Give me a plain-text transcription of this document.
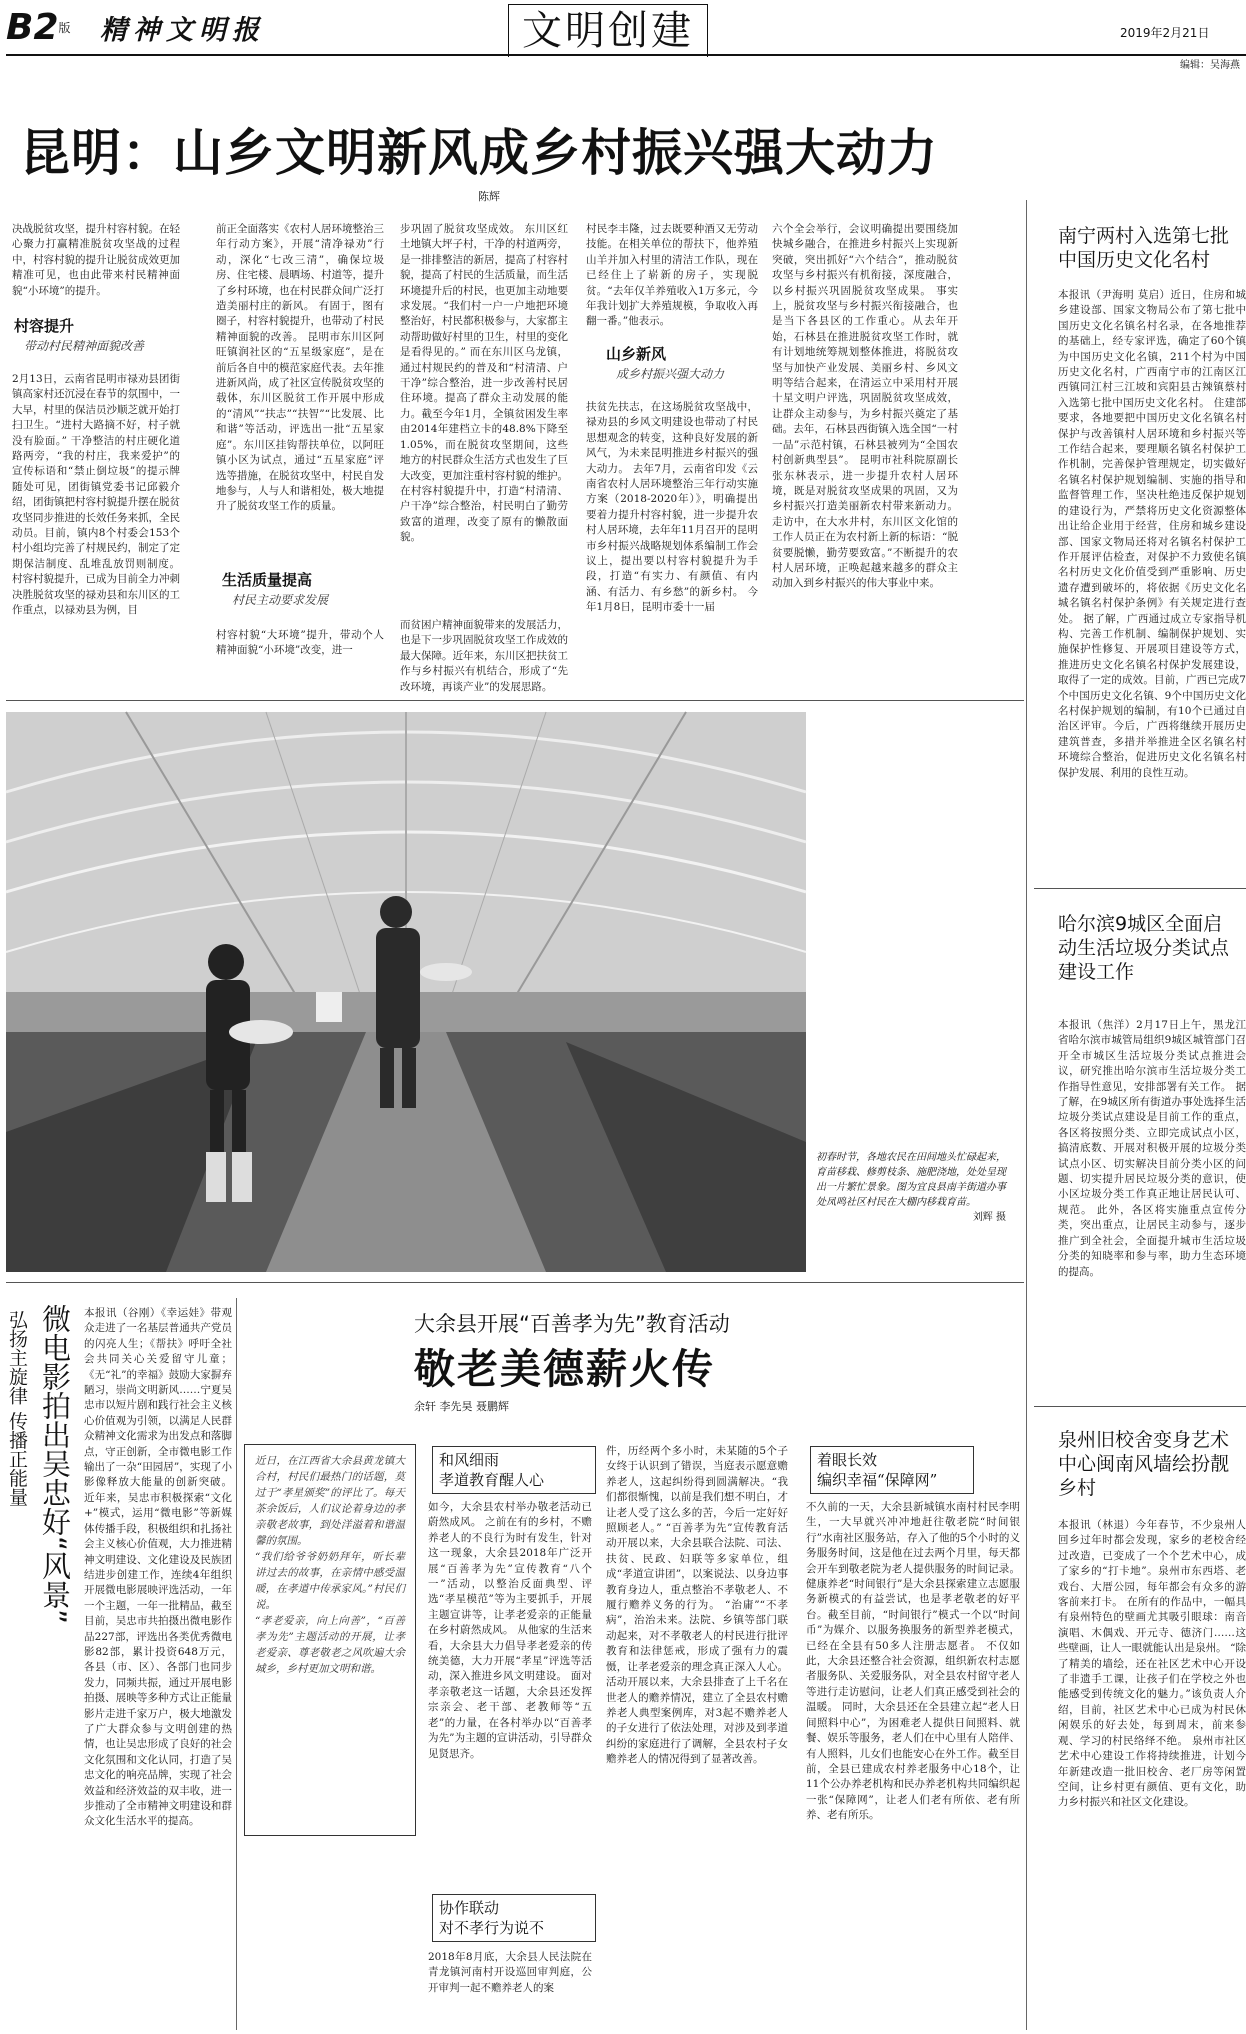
B2版 精神文明报	文明创建	2019年2月21日
编辑：吴海燕
昆明：山乡文明新风成乡村振兴强大动力
陈辉
决战脱贫攻坚，提升村容村貌。在轻心聚力打赢精准脱贫攻坚战的过程中，村容村貌的提升让脱贫成效更加精准可见，也由此带来村民精神面貌“小环境”的提升。
村容提升
带动村民精神面貌改善
2月13日，云南省昆明市禄劝县团街镇高家村还沉浸在春节的氛围中，一大早，村里的保洁员沙顺芝就开始打扫卫生。“进村大路摘不好，村子就没有脸面。” 干净整洁的村庄硬化道路两旁，“我的村庄，我来爱护”的宣传标语和“禁止倒垃圾”的提示牌随处可见，团街镇党委书记邱毅介绍，团街镇把村容村貌提升摆在脱贫攻坚同步推进的长效任务来抓，全民动员。目前，镇内8个村委会153个村小组均完善了村规民约，制定了定期保洁制度、乱堆乱放罚则制度。 村容村貌提升，已成为目前全力冲刺决胜脱贫攻坚的禄劝县和东川区的工作重点，以禄劝县为例，目
前正全面落实《农村人居环境整治三年行动方案》，开展“清净禄劝”行动，深化“七改三清”，确保垃圾房、住宅楼、晨晒场、村道等，提升了乡村环境，也在村民群众间广泛打造美丽村庄的新风。 有固于，图有圈子，村容村貌提升，也带动了村民精神面貌的改善。 昆明市东川区阿旺镇润社区的“五星级家庭”，是在前后各自中的模范家庭代表。去年推进新风尚，成了社区宣传脱贫攻坚的载体，东川区脱贫工作开展中形成的“清风”“扶志”“扶智”“比发展、比和谐”等活动，评选出一批“五星家庭”。东川区挂钩帮扶单位，以阿旺镇小区为试点，通过“五星家庭”评选等措施，在脱贫攻坚中，村民自发地参与，人与人和谐相处，极大地提升了脱贫攻坚工作的质量。
生活质量提高
村民主动要求发展
村容村貌“大环境”提升，带动个人精神面貌“小环境”改变，进一
步巩固了脱贫攻坚成效。 东川区红土地镇大坪子村，干净的村道两旁，是一排排整洁的新居，提高了村容村貌，提高了村民的生活质量，而生活环境提升后的村民，也更加主动地要求发展。“我们村一户一户地把环境整治好，村民都积极参与，大家都主动帮助做好村里的卫生，村里的变化是看得见的。” 而在东川区乌龙镇，通过村规民约的普及和“村清清、户干净”综合整治，进一步改善村民居住环境。提高了群众主动发展的能力。截至今年1月，全镇贫困发生率由2014年建档立卡的48.8%下降至1.05%，而在脱贫攻坚期间，这些地方的村民群众生活方式也发生了巨大改变，更加注重村容村貌的维护。 在村容村貌提升中，打造“村清清、户干净”综合整治，村民明白了勤劳致富的道理，改变了原有的懒散面貌。
而贫困户精神面貌带来的发展活力，也是下一步巩固脱贫攻坚工作成效的最大保障。近年来，东川区把扶贫工作与乡村振兴有机结合，形成了“先改环境，再谈产业”的发展思路。
村民李丰隆，过去既要种酒又无劳动技能。在相关单位的帮扶下，他养殖山羊并加入村里的清洁工作队，现在已经住上了崭新的房子，实现脱贫。“去年仅羊养殖收入1万多元，今年我计划扩大养殖规模，争取收入再翻一番。”他表示。
山乡新风
成乡村振兴强大动力
扶贫先扶志，在这场脱贫攻坚战中，禄劝县的乡风文明建设也带动了村民思想观念的转变，这种良好发展的新风气，为未来昆明推进乡村振兴的强大动力。 去年7月，云南省印发《云南省农村人居环境整治三年行动实施方案（2018-2020年）》，明确提出要着力提升村容村貌，进一步提升农村人居环境，去年年11月召开的昆明市乡村振兴战略规划体系编制工作会议上，提出要以村容村貌提升为手段，打造“有实力、有颜值、有内涵、有活力、有乡愁”的新乡村。 今年1月8日，昆明市委十一届
六个全会举行，会议明确提出要围绕加快城乡融合，在推进乡村振兴上实现新突破，突出抓好“六个结合”，推动脱贫攻坚与乡村振兴有机衔接，深度融合，以乡村振兴巩固脱贫攻坚成果。 事实上，脱贫攻坚与乡村振兴衔接融合，也是当下各县区的工作重心。从去年开始，石林县在推进脱贫攻坚工作时，就有计划地统筹规划整体推进，将脱贫攻坚与加快产业发展、美丽乡村、乡风文明等结合起来，在清运立中采用村开展十星文明户评选，巩固脱贫攻坚成效，让群众主动参与，为乡村振兴奠定了基础。去年，石林县西街镇入选全国“一村一品”示范村镇，石林县被列为“全国农村创新典型县”。 昆明市社科院原副长张东林表示，进一步提升农村人居环境，既是对脱贫攻坚成果的巩固，又为乡村振兴打造美丽新农村带来新动力。 走访中，在大水井村，东川区文化馆的工作人员正在为农村新上新的标语：“脱贫要脱懒，勤劳要致富。”不断提升的农村人居环境，正唤起越来越多的群众主动加入到乡村振兴的伟大事业中来。
初春时节，各地农民在田间地头忙碌起来，育苗移栽、修剪枝条、施肥浇地，处处呈现出一片繁忙景象。图为宜良县南羊街道办事处凤鸣社区村民在大棚内移栽育苗。
刘辉 摄
南宁两村入选第七批中国历史文化名村
本报讯（尹海明 莫启）近日，住房和城乡建设部、国家文物局公布了第七批中国历史文化名镇名村名录，在各地推荐的基础上，经专家评选，确定了60个镇为中国历史文化名镇，211个村为中国历史文化名村，广西南宁市的江南区江西镇同江村三江坡和宾阳县古辣镇蔡村入选第七批中国历史文化名村。 住建部要求，各地要把中国历史文化名镇名村保护与改善镇村人居环境和乡村振兴等工作结合起来，要理顺名镇名村保护工作机制，完善保护管理规定，切实做好名镇名村保护规划编制、实施的指导和监督管理工作，坚决杜绝违反保护规划的建设行为，严禁将历史文化资源整体出让给企业用于经营，住房和城乡建设部、国家文物局还将对名镇名村保护工作开展评估检查，对保护不力致使名镇名村历史文化价值受到严重影响、历史遗存遭到破坏的，将依据《历史文化名城名镇名村保护条例》有关规定进行查处。 据了解，广西通过成立专家指导机构、完善工作机制、编制保护规划、实施保护性修复、开展项目建设等方式，推进历史文化名镇名村保护发展建设，取得了一定的成效。目前，广西已完成7个中国历史文化名镇、9个中国历史文化名村保护规划的编制，有10个已通过自治区评审。今后，广西将继续开展历史建筑普查，多措并举推进全区名镇名村环境综合整治，促进历史文化名镇名村保护发展、利用的良性互动。
哈尔滨9城区全面启动生活垃圾分类试点建设工作
本报讯（焦洋）2月17日上午，黑龙江省哈尔滨市城管局组织9城区城管部门召开全市城区生活垃圾分类试点推进会议，研究推出哈尔滨市生活垃圾分类工作指导性意见，安排部署有关工作。 据了解，在9城区所有街道办事处选择生活垃圾分类试点建设是目前工作的重点，各区将按照分类、立即完成试点小区，搞清底数、开展对积极开展的垃圾分类试点小区、切实解决目前分类小区的问题、切实提升居民垃圾分类的意识，使小区垃圾分类工作真正地让居民认可、规范。 此外，各区将实施重点宣传分类，突出重点，让居民主动参与，逐步推广到全社会，全面提升城市生活垃圾分类的知晓率和参与率，助力生态环境的提高。
泉州旧校舍变身艺术中心闽南风墙绘扮靓乡村
本报讯（林退）今年春节，不少泉州人回乡过年时都会发现，家乡的老校舍经过改造，已变成了一个个艺术中心，成了家乡的“打卡地”。泉州市东西塔、老戏台、大厝公园，每年都会有众多的游客前来打卡。 在所有的作品中，一幅具有泉州特色的壁画尤其吸引眼球：南音演唱、木偶戏、开元寺、德济门……这些壁画，让人一眼就能认出是泉州。 “除了精美的墙绘，还在社区艺术中心开设了非遗手工课，让孩子们在学校之外也能感受到传统文化的魅力。”该负责人介绍，目前，社区艺术中心已成为村民休闲娱乐的好去处，每到周末，前来参观、学习的村民络绎不绝。 泉州市社区艺术中心建设工作将持续推进，计划今年新建改造一批旧校舍、老厂房等闲置空间，让乡村更有颜值、更有文化，助力乡村振兴和社区文化建设。
弘扬主旋律 传播正能量 微电影拍出吴忠好“风景” 本报讯（谷刚）《幸运娃》带观众走进了一名基层普通共产党员的闪亮人生；《帮扶》呼吁全社会共同关心关爱留守儿童；《无“礼”的幸福》鼓励大家摒弃陋习，崇尚文明新风……宁夏吴忠市以短片剧和践行社会主义核心价值观为引领，以满足人民群众精神文化需求为出发点和落脚点，守正创新，全市微电影工作输出了一杂“田园居”，实现了小影像释放大能量的创新突破。 近年来，吴忠市积极探索“文化+”模式，运用“微电影”等新媒体传播手段，积极组织和扎扬社会主义核心价值观，大力推进精神文明建设、文化建设及民族团结进步创建工作，连续4年组织开展微电影展映评选活动，一年一个主题，一年一批精品，截至目前，吴忠市共拍摄出微电影作品227部，评选出各类优秀微电影82部，累计投资648万元，各县（市、区）、各部门也同步发力，同频共振，通过开展电影拍摄、展映等多种方式让正能量影片走进千家万户，极大地激发了广大群众参与文明创建的热情，也让吴忠形成了良好的社会文化氛围和文化认同，打造了吴忠文化的响亮品牌，实现了社会效益和经济效益的双丰收，进一步推动了全市精神文明建设和群众文化生活水平的提高。
近日，在江西省大余县黄龙镇大合村，村民们最热门的话题，莫过于“孝星颁奖”的评比了。每天茶余饭后，人们议论着身边的孝亲敬老故事，到处洋溢着和谐温馨的氛围。
“我们给爷爷奶奶拜年，听长辈讲过去的故事，在亲情中感受温暖，在孝道中传承家风。”村民们说。
“孝老爱亲，向上向善”，“百善孝为先”主题活动的开展，让孝老爱亲、尊老敬老之风吹遍大余城乡，乡村更加文明和谐。
大余县开展“百善孝为先”教育活动
敬老美德薪火传
余轩 李先昊 聂鹏辉
和风细雨
孝道教育醒人心
如今，大余县农村举办敬老活动已蔚然成风。 之前在有的乡村，不赡养老人的不良行为时有发生，针对这一现象，大余县2018年广泛开展“百善孝为先”宣传教育“八个一”活动，以整治反面典型、评选“孝星模范”等为主要抓手，开展主题宣讲等，让孝老爱亲的正能量在乡村蔚然成风。 从他家的生活来看，大余县大力倡导孝老爱亲的传统美德，大力开展“孝星”评选等活动，深入推进乡风文明建设。 面对孝亲敬老这一话题，大余县还发挥宗亲会、老干部、老教师等“五老”的力量，在各村举办以“百善孝为先”为主题的宣讲活动，引导群众见贤思齐。
协作联动
对不孝行为说不
2018年8月底，大余县人民法院在青龙镇河南村开设巡回审判庭，公开审判一起不赡养老人的案
件，历经两个多小时，未某随的5个子女终于认识到了错误，当庭表示愿意赡养老人，这起纠纷得到圆满解决。“我们都很惭愧，以前是我们想不明白，才让老人受了这么多的苦，今后一定好好照顾老人。” “百善孝为先”宣传教育活动开展以来，大余县联合法院、司法、扶贫、民政、妇联等多家单位，组成“孝道宣讲团”，以案说法、以身边事教育身边人，重点整治不孝敬老人、不履行赡养义务的行为。 “治庸”“不孝病”，治治未来。法院、乡镇等部门联动起来，对不孝敬老人的村民进行批评教育和法律惩戒，形成了强有力的震慑，让孝老爱亲的理念真正深入人心。 活动开展以来，大余县排查了上千名在世老人的赡养情况，建立了全县农村赡养老人典型案例库，对3起不赡养老人的子女进行了依法处理，对涉及到孝道纠纷的家庭进行了调解，全县农村子女赡养老人的情况得到了显著改善。
着眼长效
编织幸福“保障网”
不久前的一天，大余县新城镇水南村村民李明生，一大早就兴冲冲地赶往敬老院“时间银行”水南社区服务站，存入了他的5个小时的义务服务时间，这是他在过去两个月里，每天都会开车到敬老院为老人提供服务的时间记录。 健康养老“时间银行”是大余县探索建立志愿服务新模式的有益尝试，也是孝老敬老的好平台。截至目前，“时间银行”模式一个以“时间币”为媒介、以服务换服务的新型养老模式，已经在全县有50多人注册志愿者。 不仅如此，大余县还整合社会资源，组织新农村志愿者服务队、关爱服务队，对全县农村留守老人等进行走访慰问，让老人们真正感受到社会的温暖。 同时，大余县还在全县建立起“老人日间照料中心”，为困难老人提供日间照料、就餐、娱乐等服务，老人们在中心里有人陪伴、有人照料，儿女们也能安心在外工作。截至目前，全县已建成农村养老服务中心18个，让11个公办养老机构和民办养老机构共同编织起一张“保障网”，让老人们老有所依、老有所养、老有所乐。
